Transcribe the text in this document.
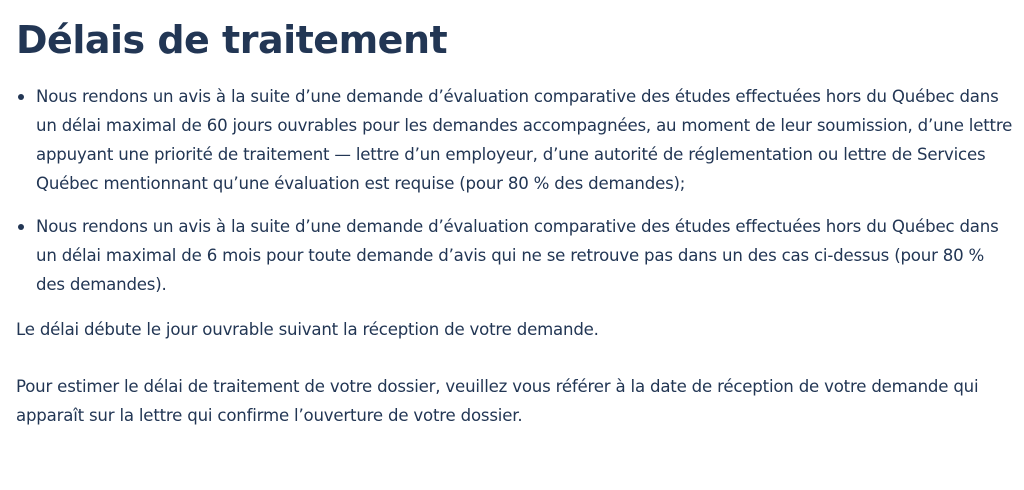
Délais de traitement
Nous rendons un avis à la suite d’une demande d’évaluation comparative des études effectuées hors du Québec dans un délai maximal de 60 jours ouvrables pour les demandes accompagnées, au moment de leur soumission, d’une lettre appuyant une priorité de traitement — lettre d’un employeur, d’une autorité de réglementation ou lettre de Services Québec mentionnant qu’une évaluation est requise (pour 80 % des demandes);
Nous rendons un avis à la suite d’une demande d’évaluation comparative des études effectuées hors du Québec dans un délai maximal de 6 mois pour toute demande d’avis qui ne se retrouve pas dans un des cas ci-dessus (pour 80 % des demandes).

Le délai débute le jour ouvrable suivant la réception de votre demande.

Pour estimer le délai de traitement de votre dossier, veuillez vous référer à la date de réception de votre demande qui apparaît sur la lettre qui confirme l’ouverture de votre dossier.
